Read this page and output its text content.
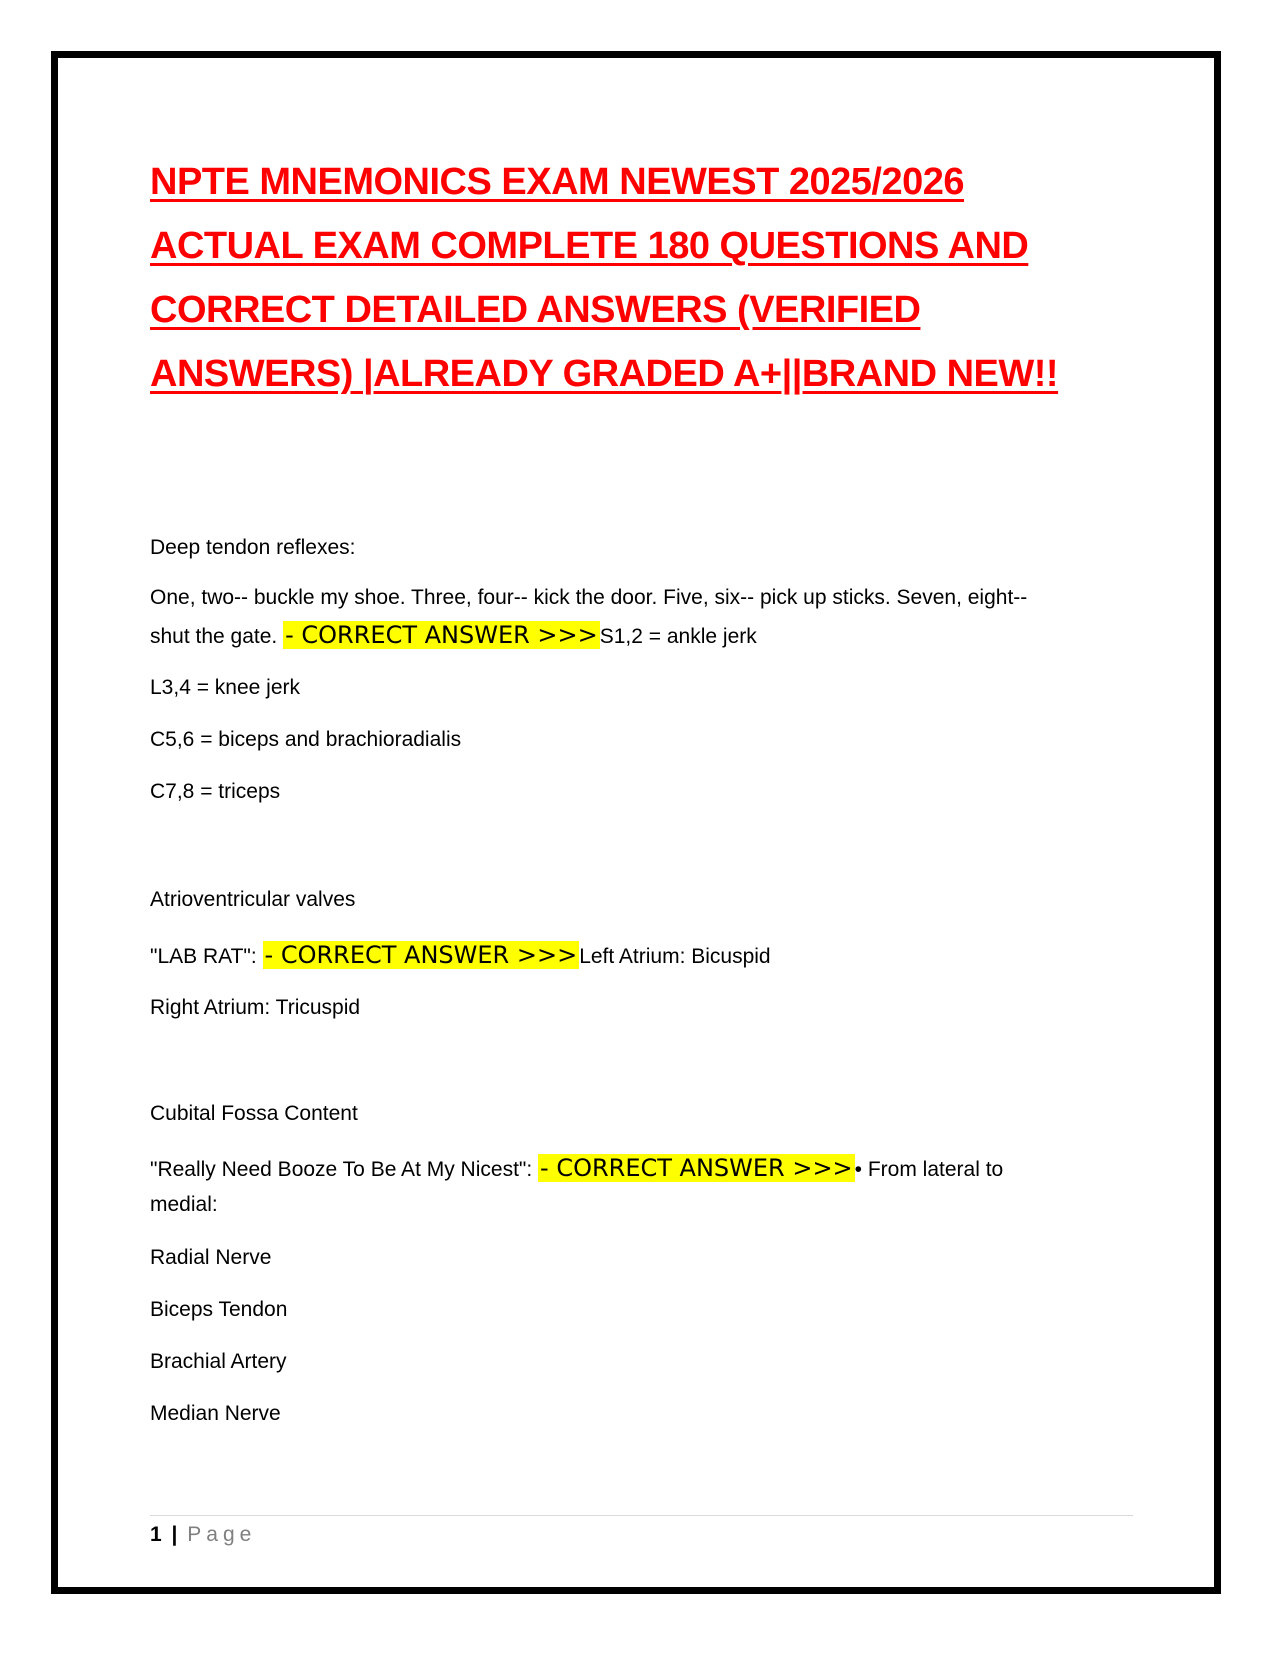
NPTE MNEMONICS EXAM NEWEST 2025/2026
ACTUAL EXAM COMPLETE 180 QUESTIONS AND
CORRECT DETAILED ANSWERS (VERIFIED
ANSWERS) |ALREADY GRADED A+||BRAND NEW!!
Deep tendon reflexes:
One, two-- buckle my shoe. Three, four-- kick the door. Five, six-- pick up sticks. Seven, eight--
shut the gate. - CORRECT ANSWER >>>S1,2 = ankle jerk
L3,4 = knee jerk
C5,6 = biceps and brachioradialis
C7,8 = triceps
Atrioventricular valves
"LAB RAT": - CORRECT ANSWER >>>Left Atrium: Bicuspid
Right Atrium: Tricuspid
Cubital Fossa Content
"Really Need Booze To Be At My Nicest": - CORRECT ANSWER >>>• From lateral to
medial:
Radial Nerve
Biceps Tendon
Brachial Artery
Median Nerve
1 | Page
